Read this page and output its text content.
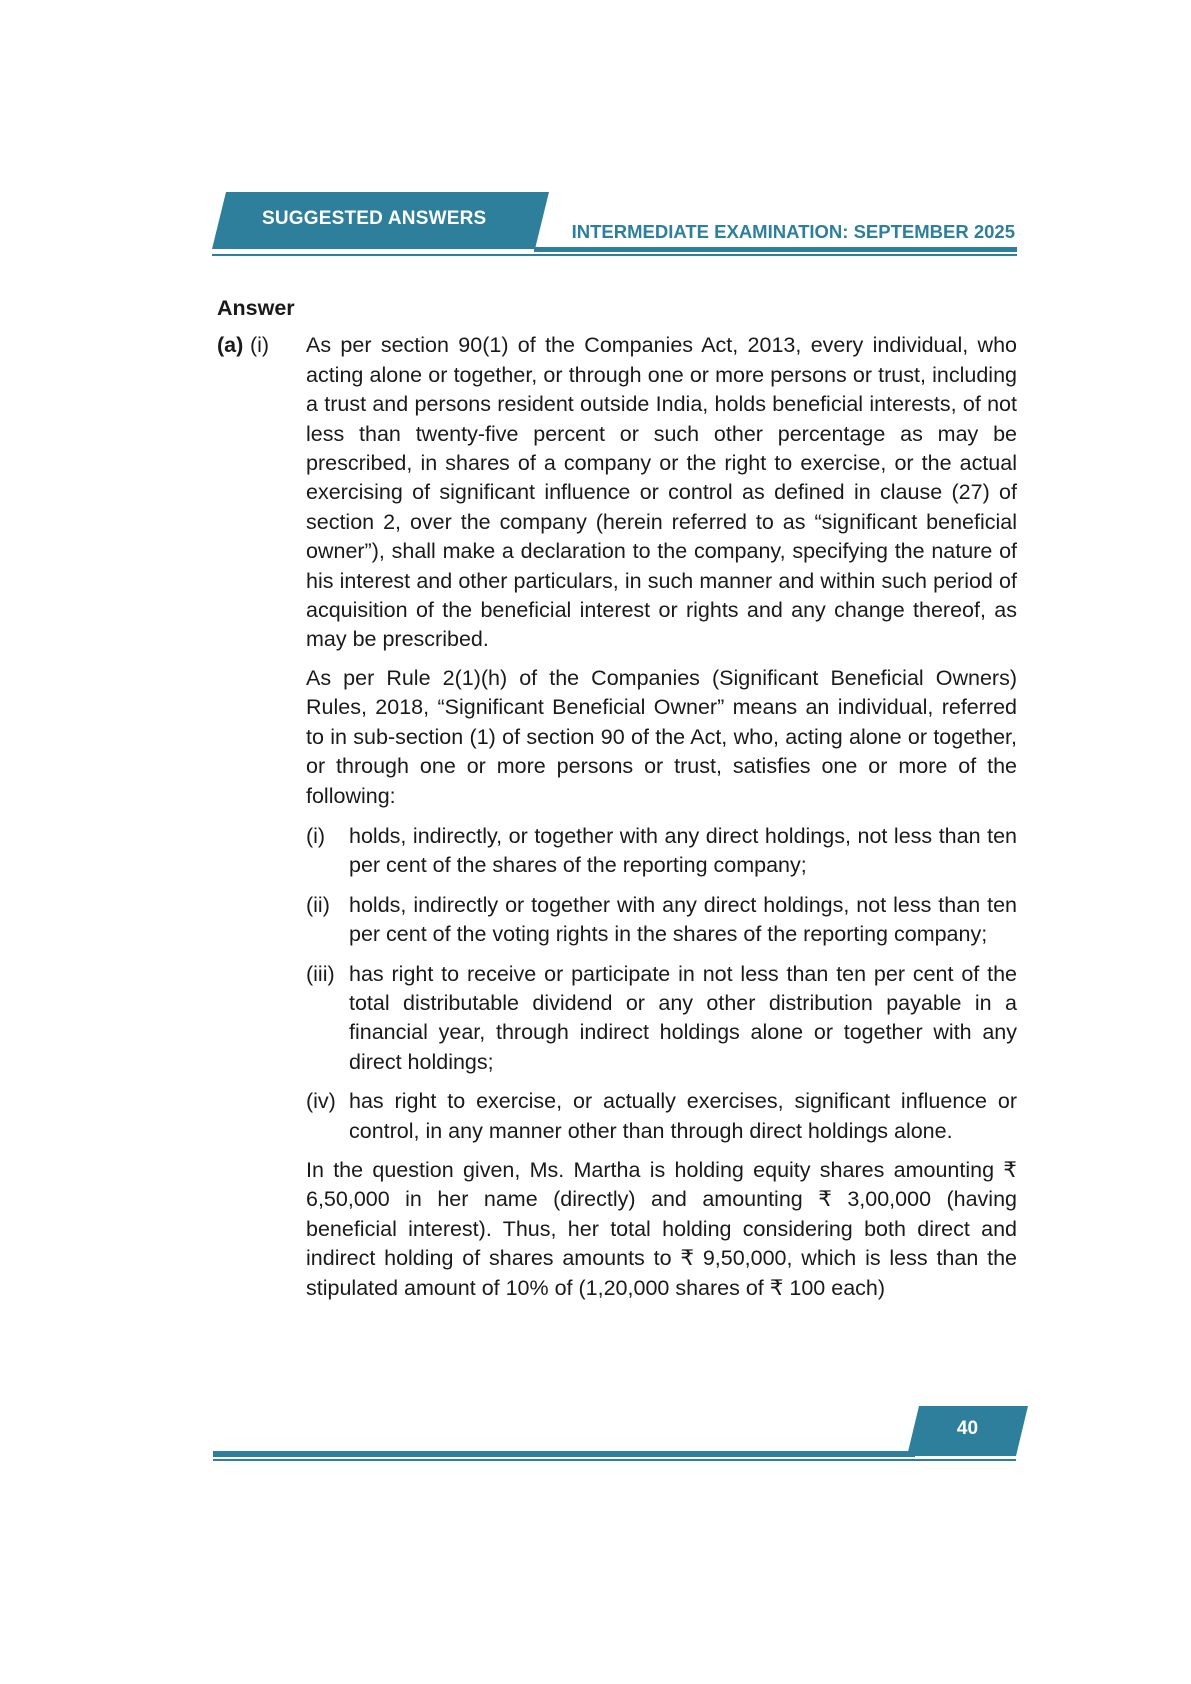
SUGGESTED ANSWERS
INTERMEDIATE EXAMINATION: SEPTEMBER 2025
Answer
(a) (i)	As per section 90(1) of the Companies Act, 2013, every individual, who acting alone or together, or through one or more persons or trust, including a trust and persons resident outside India, holds beneficial interests, of not less than twenty-five percent or such other percentage as may be prescribed, in shares of a company or the right to exercise, or the actual exercising of significant influence or control as defined in clause (27) of section 2, over the company (herein referred to as “significant beneficial owner”), shall make a declaration to the company, specifying the nature of his interest and other particulars, in such manner and within such period of acquisition of the beneficial interest or rights and any change thereof, as may be prescribed.

As per Rule 2(1)(h) of the Companies (Significant Beneficial Owners) Rules, 2018, “Significant Beneficial Owner” means an individual, referred to in sub-section (1) of section 90 of the Act, who, acting alone or together, or through one or more persons or trust, satisfies one or more of the following:

(i)	holds, indirectly, or together with any direct holdings, not less than ten per cent of the shares of the reporting company;
(ii) holds, indirectly or together with any direct holdings, not less than ten per cent of the voting rights in the shares of the reporting company;
(iii) has right to receive or participate in not less than ten per cent of the total distributable dividend or any other distribution payable in a financial year, through indirect holdings alone or together with any direct holdings;
(iv) has right to exercise, or actually exercises, significant influence or control, in any manner other than through direct holdings alone.

In the question given, Ms. Martha is holding equity shares amounting ₹ 6,50,000 in her name (directly) and amounting ₹ 3,00,000 (having beneficial interest). Thus, her total holding considering both direct and indirect holding of shares amounts to ₹ 9,50,000, which is less than the stipulated amount of 10% of (1,20,000 shares of ₹ 100 each)

40
